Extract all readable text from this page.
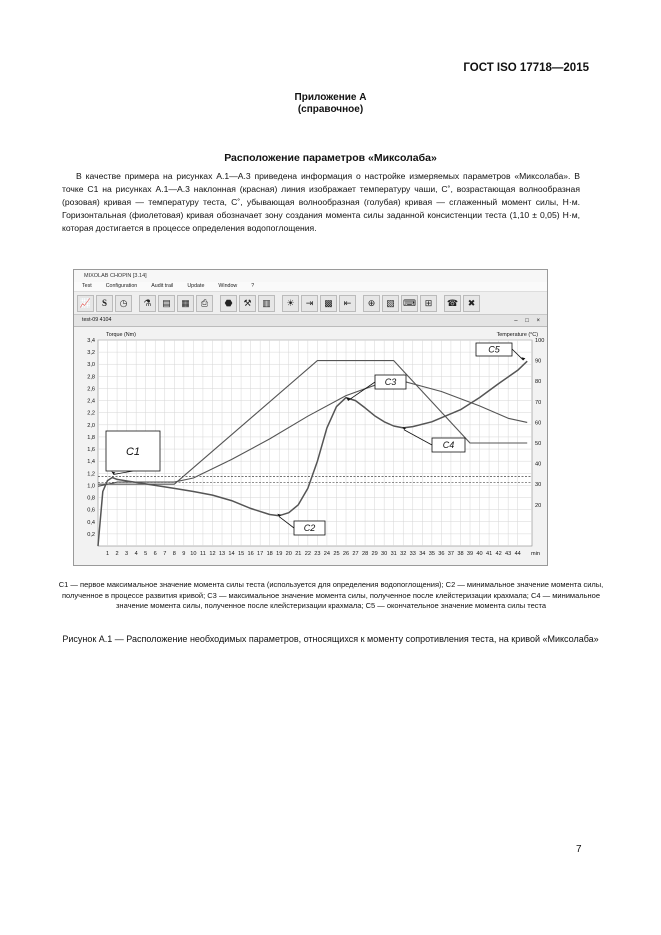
ГОСТ ISO 17718—2015
Приложение А
(справочное)
Расположение параметров «Миксолаба»

В качестве примера на рисунках А.1—А.3 приведена информация о настройке измеряемых параметров «Миксолаба». В точке С1 на рисунках А.1—А.3 наклонная (красная) линия изображает температуру чаши, С˚, возрастающая волнообразная (розовая) кривая — температуру теста, С˚, убывающая волнообразная (голубая) кривая — сглаженный момент силы, Н·м. Горизонтальная (фиолетовая) кривая обозначает зону создания момента силы заданной консистенции теста (1,10 ± 0,05) Н·м, которая достигается в процессе определения водопоглощения.

MIXOLAB CHOPIN [3.14]
Test	Configuration	Audit trail	Update	Window	?
📈	S	◷	⚗	▤	▦	⎙	⬣	⚒	▥	☀	⇥	▩	⇤	⊕	▧ ⌨ ⊞	☎	✖
test-09 4104	– □ ×
0,2
0,4
0,6
0,8
1,0
1,2
1,4
1,6
1,8
2,0
2,2
2,4
2,6
2,8
3,0
3,2
3,4
1 2 3 4 5 6 7 8 9 10 11 12 13 14 15 16 17 18 19 20 21 22 23 24 25 26 27 28 29 30 31 32 33 34 35 36 37 38 39 40 41 42 43 44 min
20
30
40
50
60
70
80
90
100
Torque (Nm)	Temperature (°C)
C1
C2
C3
C4
C5

С1 — первое максимальное значение момента силы теста (используется для определения водопоглощения); С2 — минимальное значение момента силы, полученное в процессе развития кривой; С3 — максимальное значение момента силы, полученное после клейстеризации крахмала; С4 — минимальное значение момента силы, полученное после клейстеризации крахмала; С5 — окончательное значение момента силы теста

Рисунок А.1 — Расположение необходимых параметров, относящихся к моменту сопротивления теста, на кривой «Миксолаба»
7
